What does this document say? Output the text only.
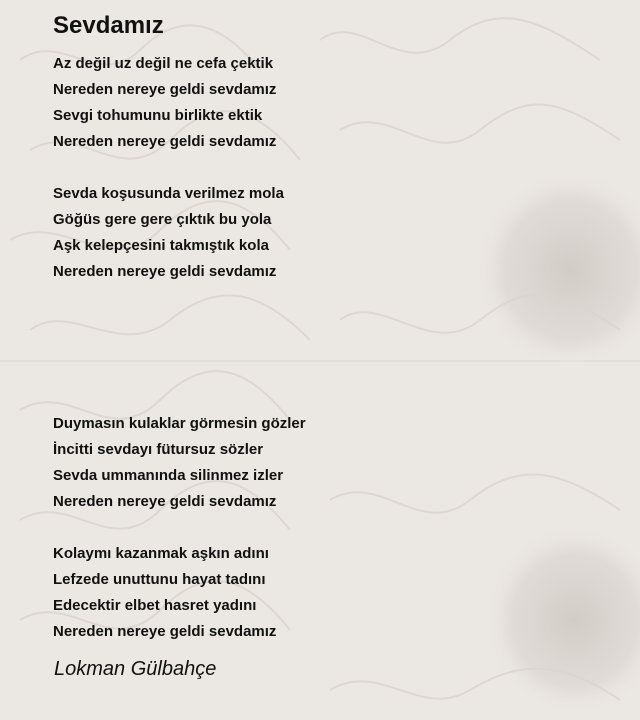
Sevdamız
Az değil uz değil ne cefa çektik
Nereden nereye geldi sevdamız
Sevgi tohumunu birlikte ektik
Nereden nereye geldi sevdamız
Sevda koşusunda verilmez mola
Göğüs gere gere çıktık bu yola
Aşk kelepçesini takmıştık kola
Nereden nereye geldi sevdamız
Duymasın kulaklar görmesin gözler
İncitti sevdayı fütursuz sözler
Sevda ummanında silinmez izler
Nereden nereye geldi sevdamız
Kolaymı kazanmak aşkın adını
Lefzede unuttunu hayat tadını
Edecektir elbet hasret yadını
Nereden nereye geldi sevdamız
Lokman Gülbahçe
